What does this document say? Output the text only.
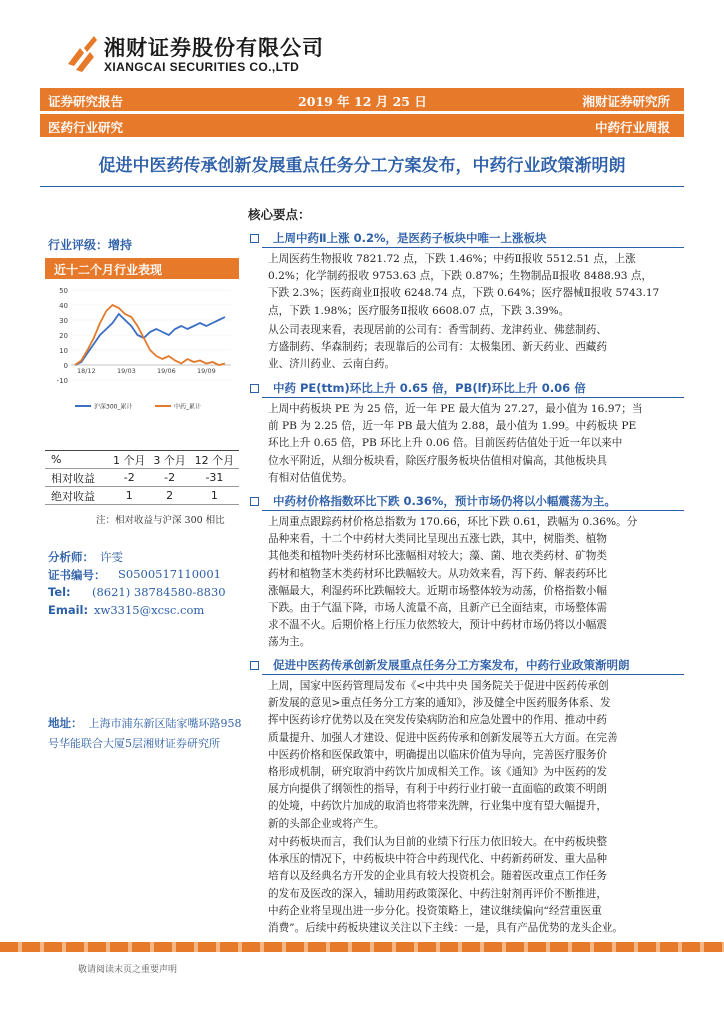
湘财证券股份有限公司
XIANGCAI SECURITIES CO.,LTD
证券研究报告	2019 年 12 月 25 日	湘财证券研究所
医药行业研究	中药行业周报
促进中医药传承创新发展重点任务分工方案发布，中药行业政策渐明朗
行业评级：增持
近十二个月行业表现
50
40
30
20
10
0
-10
18/12	19/03	19/06	19/09
沪深300_累计	中药_累计
%	1 个月	3 个月	12 个月
相对收益	-2	-2	-31
绝对收益	1	2	1
注：相对收益与沪深 300 相比
分析师： 许雯
证书编号： S0500517110001
Tel: (8621) 38784580-8830
Email: xw3315@xcsc.com
地址： 上海市浦东新区陆家嘴环路958号华能联合大厦5层湘财证券研究所
核心要点：
上周中药Ⅱ上涨 0.2%，是医药子板块中唯一上涨板块
上周医药生物报收 7821.72 点，下跌 1.46%；中药Ⅱ报收 5512.51 点，上涨
0.2%；化学制药报收 9753.63 点，下跌 0.87%；生物制品Ⅱ报收 8488.93 点，
下跌 2.3%；医药商业Ⅱ报收 6248.74 点，下跌 0.64%；医疗器械Ⅱ报收 5743.17
点，下跌 1.98%；医疗服务Ⅱ报收 6608.07 点，下跌 3.39%。
从公司表现来看，表现居前的公司有：香雪制药、龙津药业、佛慈制药、
方盛制药、华森制药；表现靠后的公司有：太极集团、新天药业、西藏药
业、济川药业、云南白药。
中药 PE(ttm)环比上升 0.65 倍，PB(lf)环比上升 0.06 倍
上周中药板块 PE 为 25 倍，近一年 PE 最大值为 27.27，最小值为 16.97；当
前 PB 为 2.25 倍，近一年 PB 最大值为 2.88，最小值为 1.99。中药板块 PE
环比上升 0.65 倍，PB 环比上升 0.06 倍。目前医药估值处于近一年以来中
位水平附近，从细分板块看，除医疗服务板块估值相对偏高，其他板块具
有相对估值优势。
中药材价格指数环比下跌 0.36%，预计市场仍将以小幅震荡为主。
上周重点跟踪药材价格总指数为 170.66，环比下跌 0.61，跌幅为 0.36%。分
品种来看，十二个中药材大类同比呈现出五涨七跌，其中，树脂类、植物
其他类和植物叶类药材环比涨幅相对较大；藻、菌、地衣类药材、矿物类
药材和植物茎木类药材环比跌幅较大。从功效来看，泻下药、解表药环比
涨幅最大，利湿药环比跌幅较大。近期市场整体较为动荡，价格指数小幅
下跌。由于气温下降，市场人流量不高，且新产已全面结束，市场整体需
求不温不火。后期价格上行压力依然较大，预计中药材市场仍将以小幅震
荡为主。
促进中医药传承创新发展重点任务分工方案发布，中药行业政策渐明朗
上周，国家中医药管理局发布《<中共中央 国务院关于促进中医药传承创
新发展的意见>重点任务分工方案的通知》，涉及健全中医药服务体系、发
挥中医药诊疗优势以及在突发传染病防治和应急处置中的作用、推动中药
质量提升、加强人才建设、促进中医药传承和创新发展等五大方面。在完善
中医药价格和医保政策中，明确提出以临床价值为导向，完善医疗服务价
格形成机制，研究取消中药饮片加成相关工作。该《通知》为中医药的发
展方向提供了纲领性的指导，有利于中药行业打破一直面临的政策不明朗
的处境，中药饮片加成的取消也将带来洗牌，行业集中度有望大幅提升，
新的头部企业或将产生。
对中药板块而言，我们认为目前的业绩下行压力依旧较大。在中药板块整
体承压的情况下，中药板块中符合中药现代化、中药新药研发、重大品种
培育以及经典名方开发的企业具有较大投资机会。随着医改重点工作任务
的发布及医改的深入，辅助用药政策深化、中药注射剂再评价不断推进，
中药企业将呈现出进一步分化。投资策略上，建议继续偏向“经营重医重
消费”。后续中药板块建议关注以下主线：一是，具有产品优势的龙头企业。
敬请阅读末页之重要声明
